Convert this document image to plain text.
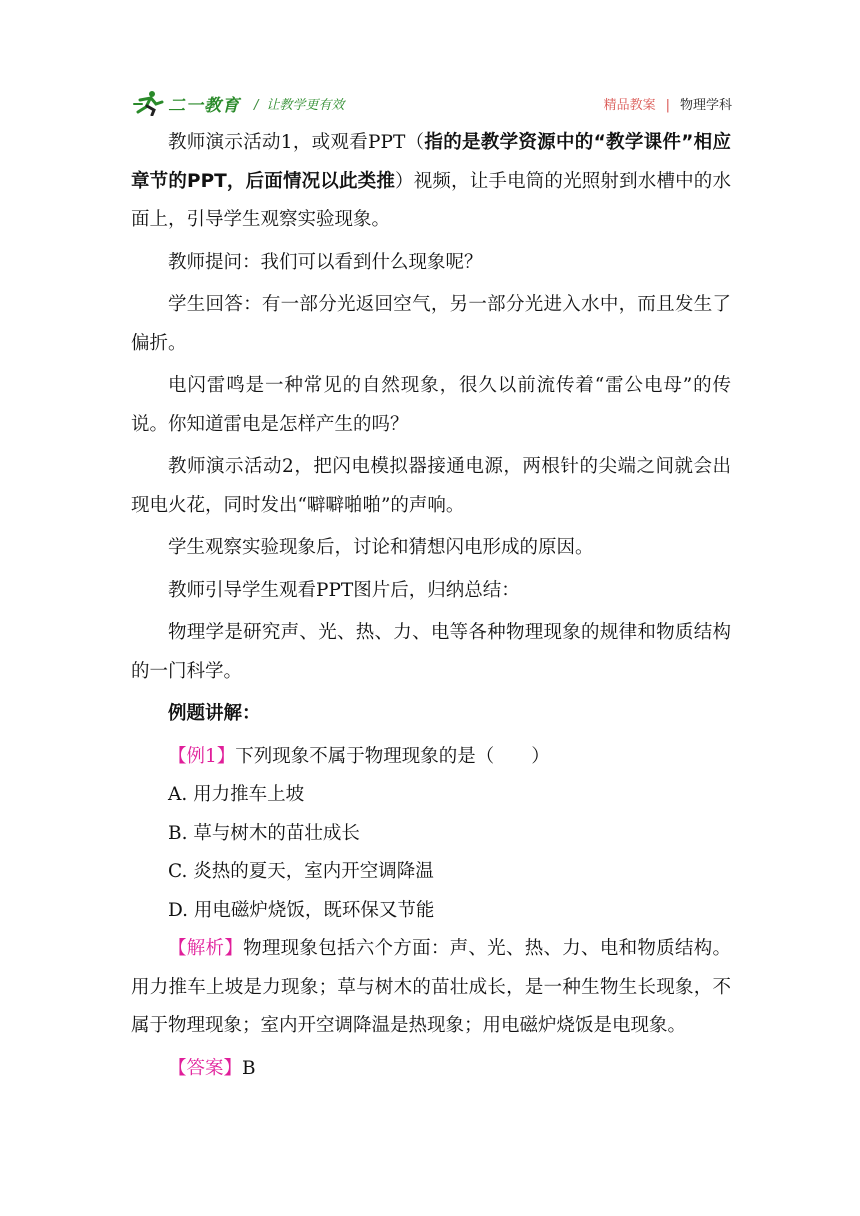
二一教育 / 让教学更有效	精品教案 | 物理学科

教师演示活动1，或观看PPT（指的是教学资源中的“教学课件”相应章节的PPT，后面情况以此类推）视频，让手电筒的光照射到水槽中的水面上，引导学生观察实验现象。

教师提问：我们可以看到什么现象呢？

学生回答：有一部分光返回空气，另一部分光进入水中，而且发生了偏折。

电闪雷鸣是一种常见的自然现象，很久以前流传着“雷公电母”的传说。你知道雷电是怎样产生的吗？

教师演示活动2，把闪电模拟器接通电源，两根针的尖端之间就会出现电火花，同时发出“噼噼啪啪”的声响。

学生观察实验现象后，讨论和猜想闪电形成的原因。

教师引导学生观看PPT图片后，归纳总结：

物理学是研究声、光、热、力、电等各种物理现象的规律和物质结构的一门科学。

例题讲解：

【例1】下列现象不属于物理现象的是（　　）

A. 用力推车上坡

B. 草与树木的苗壮成长

C. 炎热的夏天，室内开空调降温

D. 用电磁炉烧饭，既环保又节能

【解析】物理现象包括六个方面：声、光、热、力、电和物质结构。用力推车上坡是力现象；草与树木的苗壮成长，是一种生物生长现象，不属于物理现象；室内开空调降温是热现象；用电磁炉烧饭是电现象。

【答案】B
